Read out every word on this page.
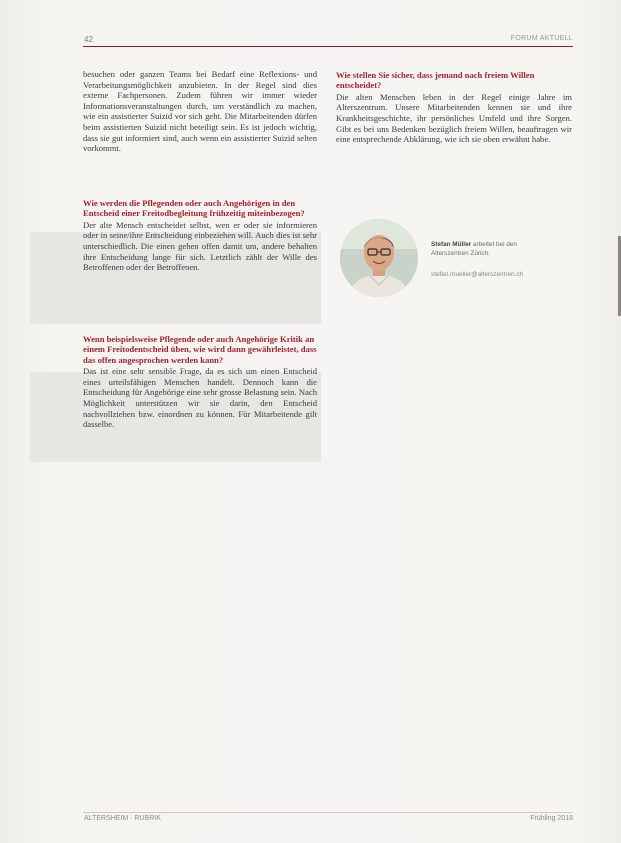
42	FORUM AKTUELL

besuchen oder ganzen Teams bei Bedarf eine Reflexions- und Verarbeitungsmöglichkeit anzubieten. In der Regel sind dies externe Fachpersonen. Zudem führen wir immer wieder Informationsveranstaltungen durch, um verständlich zu machen, wie ein assistierter Suizid vor sich geht. Die Mitarbeitenden dürfen beim assistierten Suizid nicht beteiligt sein. Es ist jedoch wichtig, dass sie gut informiert sind, auch wenn ein assistierter Suizid selten vorkommt.

Wie werden die Pflegenden oder auch Angehörigen in den Entscheid einer Freitodbegleitung frühzeitig miteinbezogen?

Der alte Mensch entscheidet selbst, wen er oder sie informieren oder in seine/ihre Entscheidung einbeziehen will. Auch dies ist sehr unterschiedlich. Die einen gehen offen damit um, andere behalten ihre Entscheidung lange für sich. Letztlich zählt der Wille des Betroffenen oder der Betroffenen.

Wenn beispielsweise Pflegende oder auch Angehörige Kritik an einem Freitodentscheid üben, wie wird dann gewährleistet, dass das offen angesprochen werden kann?

Das ist eine sehr sensible Frage, da es sich um einen Entscheid eines urteilsfähigen Menschen handelt. Dennoch kann die Entscheidung für Angehörige eine sehr grosse Belastung sein. Nach Möglichkeit unterstützen wir sie darin, den Entscheid nachvollziehen bzw. einordnen zu können. Für Mitarbeitende gilt dasselbe.

Wie stellen Sie sicher, dass jemand nach freiem Willen entscheidet?

Die alten Menschen leben in der Regel einige Jahre im Alterszentrum. Unsere Mitarbeitenden kennen sie und ihre Krankheitsgeschichte, ihr persönliches Umfeld und ihre Sorgen. Gibt es bei uns Bedenken bezüglich freiem Willen, beauftragen wir eine entsprechende Abklärung, wie ich sie oben erwähnt habe.

Stefan Müller arbeitet bei den
Alterszentren Zürich.
stefan.mueller@alterszentren.ch
ALTERSHEIM · RUBRIK	Frühling 2018
